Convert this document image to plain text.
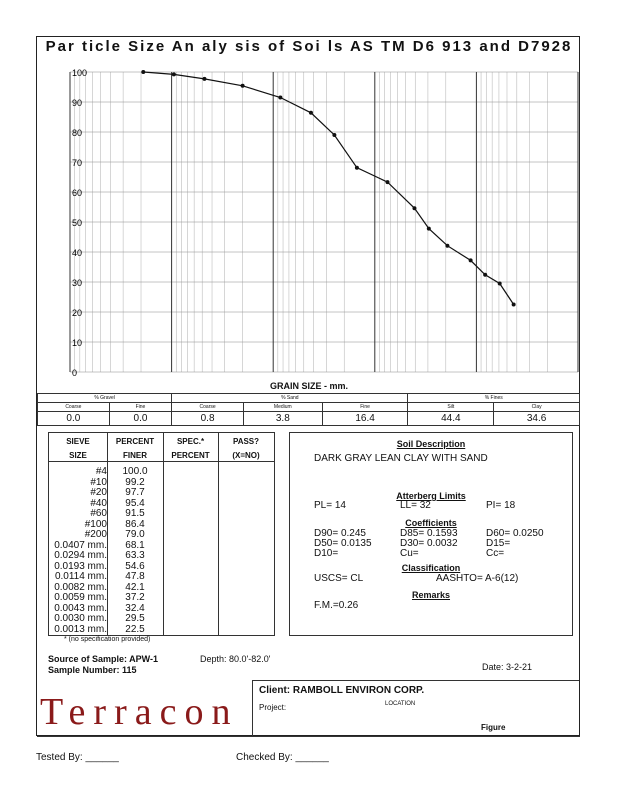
Par ticle Size An aly sis of Soi ls AS TM D6 913 and D7928
100
90
80
70
60
50
40
30
20
10
0
GRAIN SIZE - mm.
% Gravel		% Sand			% Fines	
Coarse	Fine	Coarse	Medium	Fine	Silt	Clay
0.0	0.0	0.8	3.8	16.4	44.4	34.6
SIEVE
SIZE
PERCENT
FINER
SPEC.*
PERCENT
PASS?
(X=NO)
#4	100.0
#10	99.2
#20	97.7
#40	95.4
#60	91.5
#100	86.4
#200	79.0
0.0407 mm.	68.1
0.0294 mm.	63.3
0.0193 mm.	54.6
0.0114 mm.	47.8
0.0082 mm.	42.1
0.0059 mm.	37.2
0.0043 mm.	32.4
0.0030 mm.	29.5
0.0013 mm.	22.5
* (no specification provided)
Soil Description
DARK GRAY LEAN CLAY WITH SAND
Atterberg Limits
PL= 14	LL= 32	PI= 18
Coefficients
D90= 0.245	D85= 0.1593	D60= 0.0250
D50= 0.0135	D30= 0.0032	D15=
D10=	Cu=	Cc=
Classification
USCS= CL	AASHTO= A-6(12)
Remarks
F.M.=0.26
Source of Sample: APW-1	Depth: 80.0'-82.0'
Sample Number: 115	Date: 3-2-21
Terracon
Client: RAMBOLL ENVIRON CORP.
Project:	LOCATION
Figure
Tested By: ______	Checked By: ______
